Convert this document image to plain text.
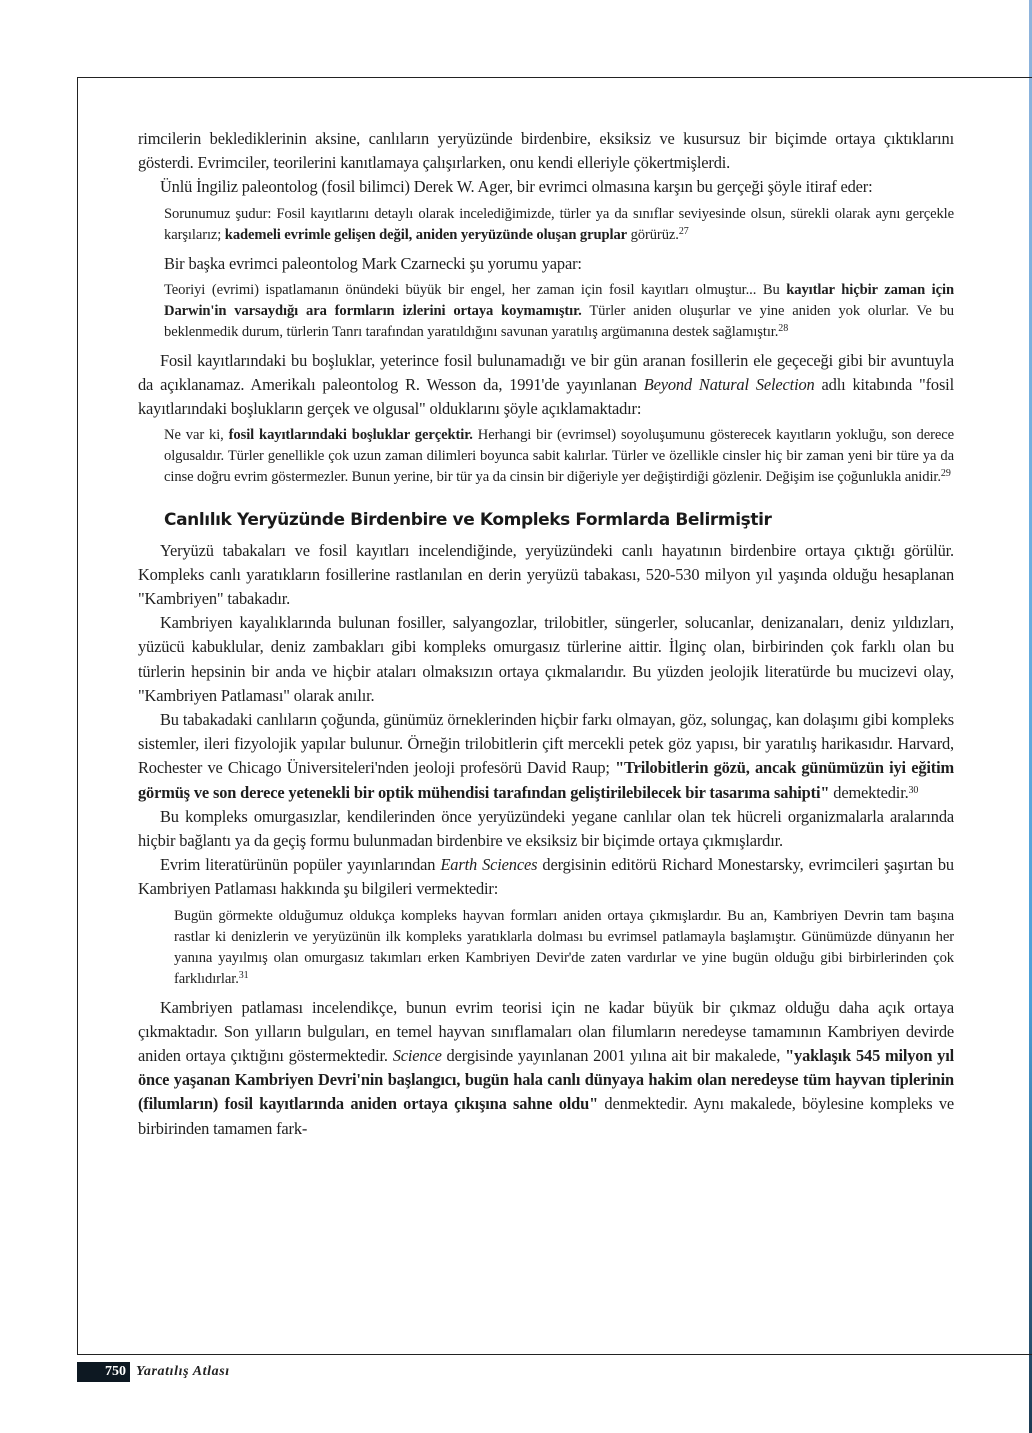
rimcilerin beklediklerinin aksine, canlıların yeryüzünde birdenbire, eksiksiz ve kusursuz bir biçimde ortaya çıktıklarını gösterdi. Evrimciler, teorilerini kanıtlamaya çalışırlarken, onu kendi elleriyle çökertmişlerdi.

Ünlü İngiliz paleontolog (fosil bilimci) Derek W. Ager, bir evrimci olmasına karşın bu gerçeği şöyle itiraf eder:

Sorunumuz şudur: Fosil kayıtlarını detaylı olarak incelediğimizde, türler ya da sınıflar seviyesinde olsun, sürekli olarak aynı gerçekle karşılarız; kademeli evrimle gelişen değil, aniden yeryüzünde oluşan gruplar görürüz.$^{27}$

Bir başka evrimci paleontolog Mark Czarnecki şu yorumu yapar:

Teoriyi (evrimi) ispatlamanın önündeki büyük bir engel, her zaman için fosil kayıtları olmuştur... Bu kayıtlar hiçbir zaman için Darwin'in varsaydığı ara formların izlerini ortaya koymamıştır. Türler aniden oluşurlar ve yine aniden yok olurlar. Ve bu beklenmedik durum, türlerin Tanrı tarafından yaratıldığını savunan yaratılış argümanına destek sağlamıştır.$^{28}$

Fosil kayıtlarındaki bu boşluklar, yeterince fosil bulunamadığı ve bir gün aranan fosillerin ele geçeceği gibi bir avuntuyla da açıklanamaz. Amerikalı paleontolog R. Wesson da, 1991'de yayınlanan Beyond Natural Selection adlı kitabında "fosil kayıtlarındaki boşlukların gerçek ve olgusal" olduklarını şöyle açıklamaktadır:

Ne var ki, fosil kayıtlarındaki boşluklar gerçektir. Herhangi bir (evrimsel) soyoluşumunu gösterecek kayıtların yokluğu, son derece olgusaldır. Türler genellikle çok uzun zaman dilimleri boyunca sabit kalırlar. Türler ve özellikle cinsler hiç bir zaman yeni bir türe ya da cinse doğru evrim göstermezler. Bunun yerine, bir tür ya da cinsin bir diğeriyle yer değiştirdiği gözlenir. Değişim ise çoğunlukla anidir.$^{29}$

Canlılık Yeryüzünde Birdenbire ve Kompleks Formlarda Belirmiştir

Yeryüzü tabakaları ve fosil kayıtları incelendiğinde, yeryüzündeki canlı hayatının birdenbire ortaya çıktığı görülür. Kompleks canlı yaratıkların fosillerine rastlanılan en derin yeryüzü tabakası, 520-530 milyon yıl yaşında olduğu hesaplanan "Kambriyen" tabakadır.

Kambriyen kayalıklarında bulunan fosiller, salyangozlar, trilobitler, süngerler, solucanlar, denizanaları, deniz yıldızları, yüzücü kabuklular, deniz zambakları gibi kompleks omurgasız türlerine aittir. İlginç olan, birbirinden çok farklı olan bu türlerin hepsinin bir anda ve hiçbir ataları olmaksızın ortaya çıkmalarıdır. Bu yüzden jeolojik literatürde bu mucizevi olay, "Kambriyen Patlaması" olarak anılır.

Bu tabakadaki canlıların çoğunda, günümüz örneklerinden hiçbir farkı olmayan, göz, solungaç, kan dolaşımı gibi kompleks sistemler, ileri fizyolojik yapılar bulunur. Örneğin trilobitlerin çift mercekli petek göz yapısı, bir yaratılış harikasıdır. Harvard, Rochester ve Chicago Üniversiteleri'nden jeoloji profesörü David Raup; "Trilobitlerin gözü, ancak günümüzün iyi eğitim görmüş ve son derece yetenekli bir optik mühendisi tarafından geliştirilebilecek bir tasarıma sahipti" demektedir.$^{30}$

Bu kompleks omurgasızlar, kendilerinden önce yeryüzündeki yegane canlılar olan tek hücreli organizmalarla aralarında hiçbir bağlantı ya da geçiş formu bulunmadan birdenbire ve eksiksiz bir biçimde ortaya çıkmışlardır.

Evrim literatürünün popüler yayınlarından Earth Sciences dergisinin editörü Richard Monestarsky, evrimcileri şaşırtan bu Kambriyen Patlaması hakkında şu bilgileri vermektedir:

Bugün görmekte olduğumuz oldukça kompleks hayvan formları aniden ortaya çıkmışlardır. Bu an, Kambriyen Devrin tam başına rastlar ki denizlerin ve yeryüzünün ilk kompleks yaratıklarla dolması bu evrimsel patlamayla başlamıştır. Günümüzde dünyanın her yanına yayılmış olan omurgasız takımları erken Kambriyen Devir'de zaten vardırlar ve yine bugün olduğu gibi birbirlerinden çok farklıdırlar.$^{31}$

Kambriyen patlaması incelendikçe, bunun evrim teorisi için ne kadar büyük bir çıkmaz olduğu daha açık ortaya çıkmaktadır. Son yılların bulguları, en temel hayvan sınıflamaları olan filumların neredeyse tamamının Kambriyen devirde aniden ortaya çıktığını göstermektedir. Science dergisinde yayınlanan 2001 yılına ait bir makalede, "yaklaşık 545 milyon yıl önce yaşanan Kambriyen Devri'nin başlangıcı, bugün hala canlı dünyaya hakim olan neredeyse tüm hayvan tiplerinin (filumların) fosil kayıtlarında aniden ortaya çıkışına sahne oldu" denmektedir. Aynı makalede, böylesine kompleks ve birbirinden tamamen fark-

750 Yaratılış Atlası
